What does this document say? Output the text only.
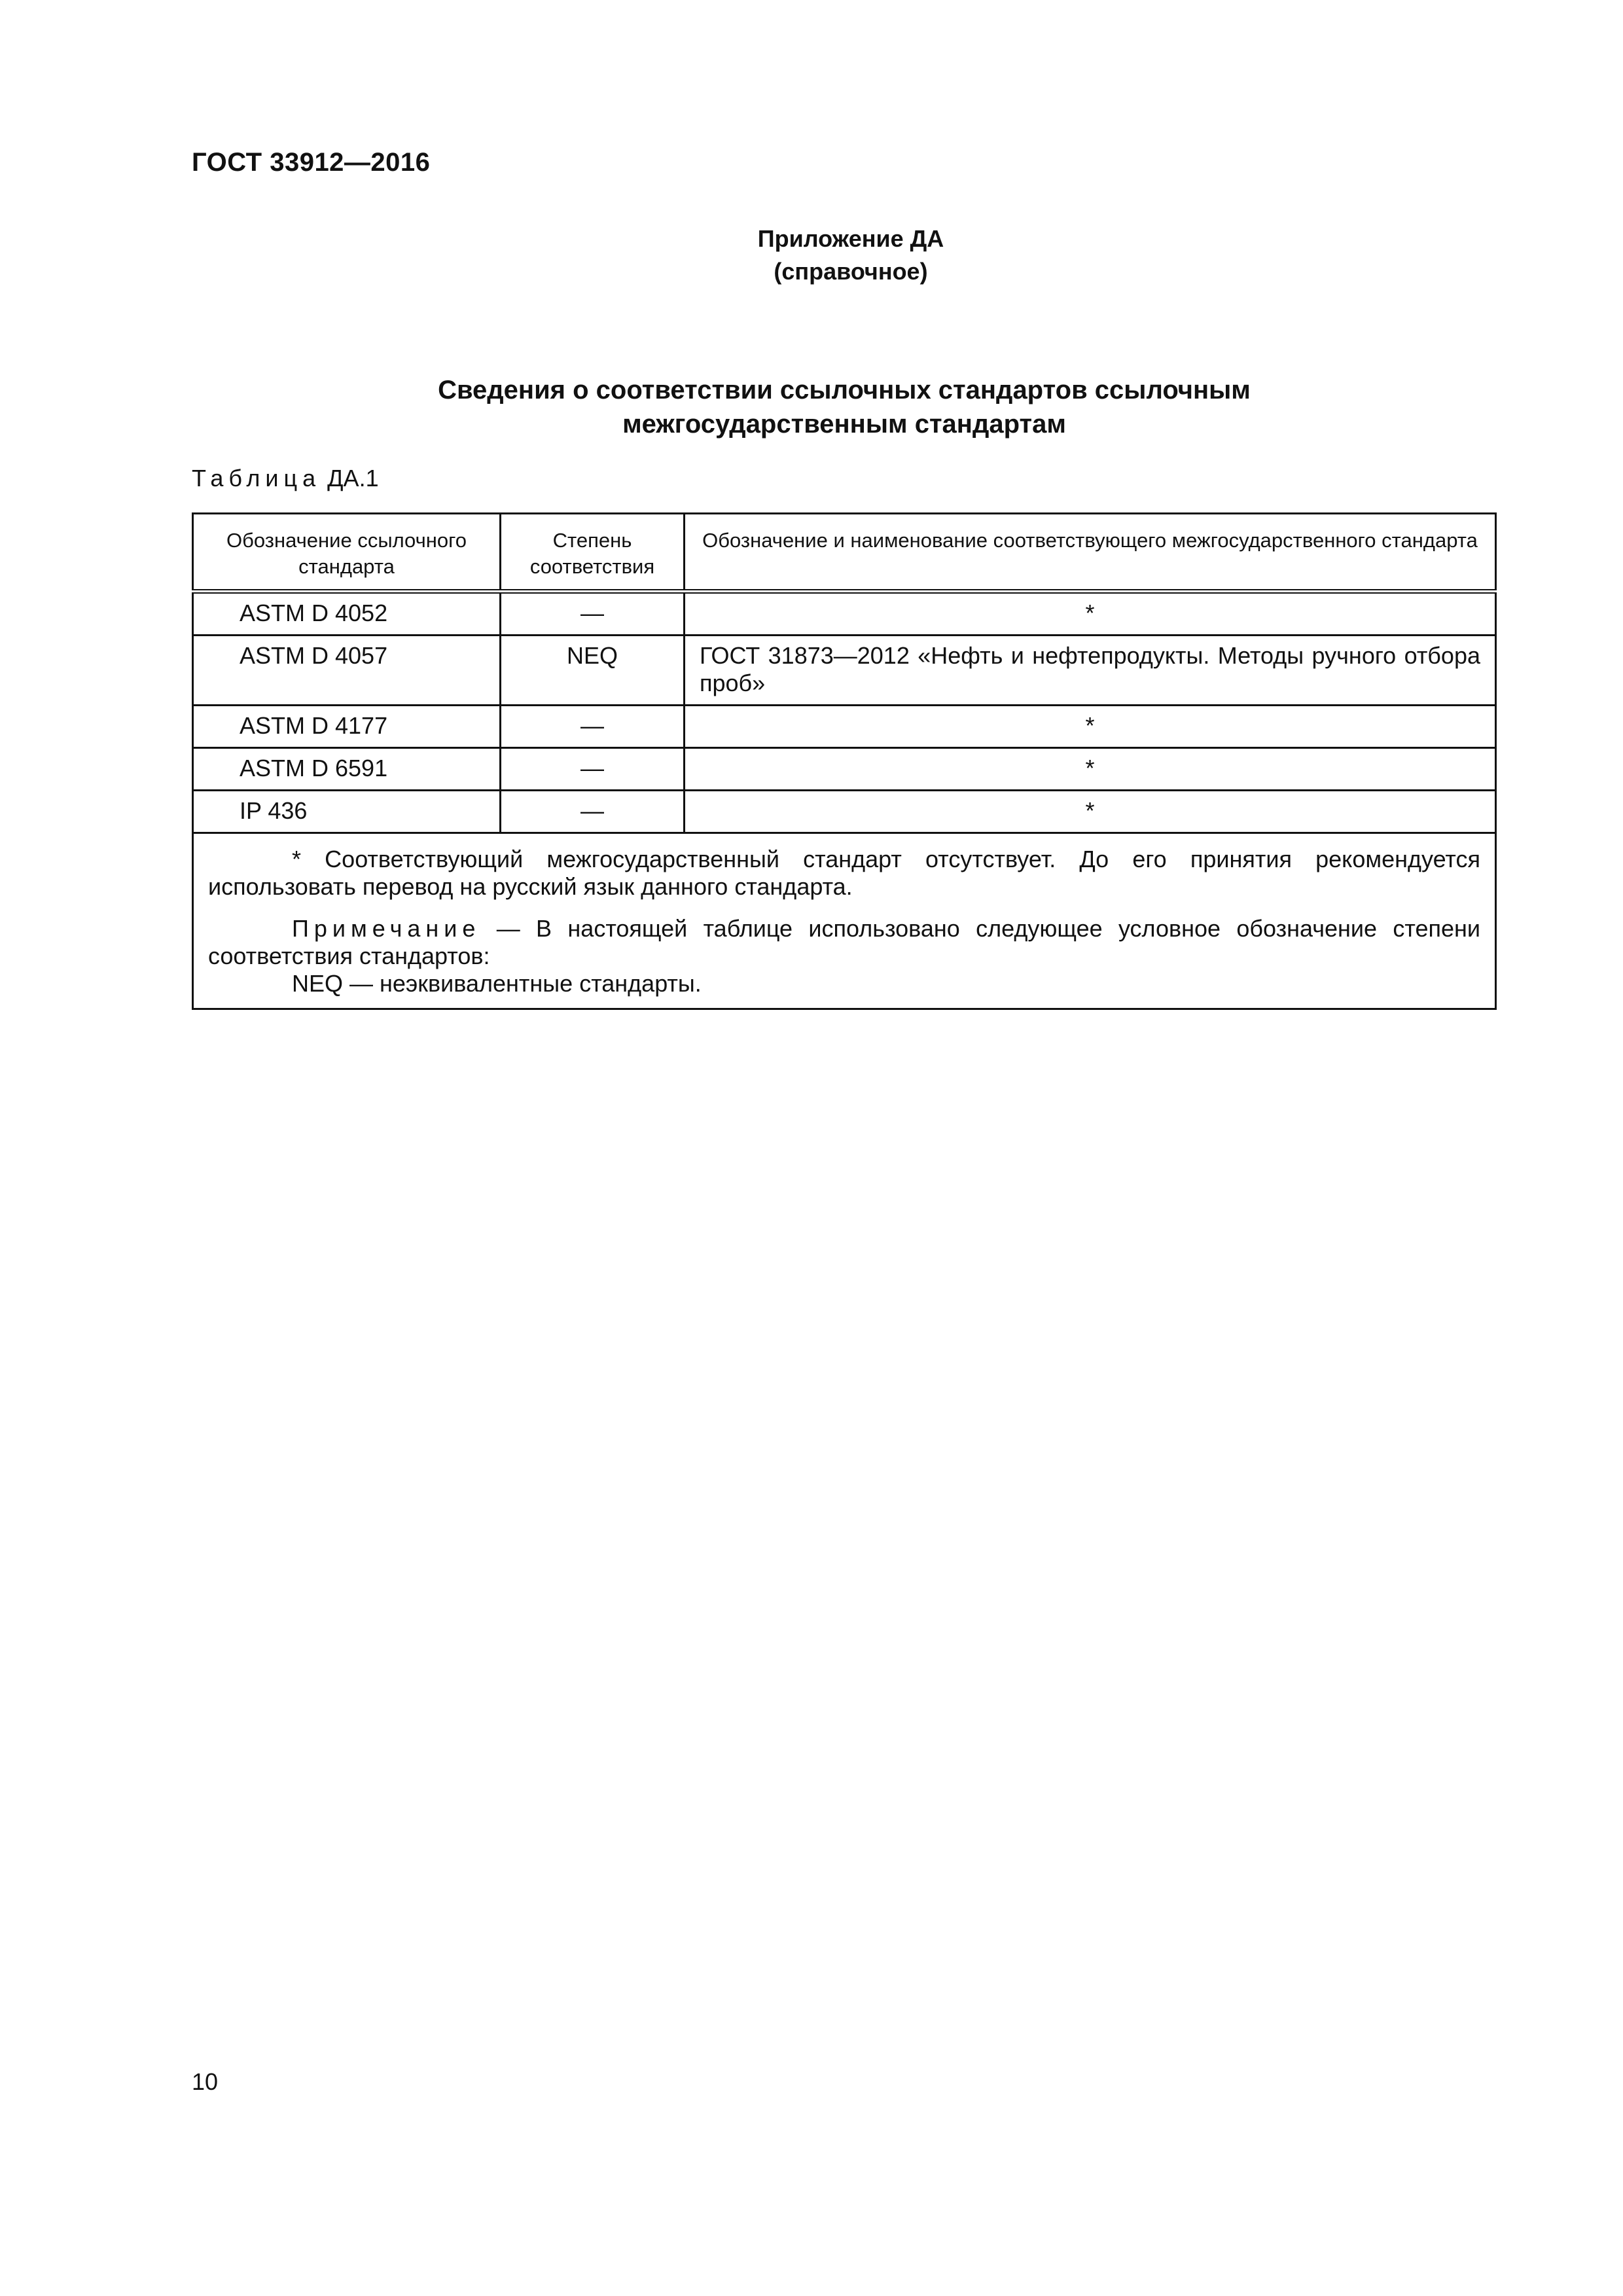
ГОСТ 33912—2016
Приложение ДА
(справочное)
Сведения о соответствии ссылочных стандартов ссылочным
межгосударственным стандартам
Таблица ДА.1
Обозначение ссылочного стандарта	Степень соответствия	Обозначение и наименование соответствующего межгосударственного стандарта
ASTM D 4052	—	*
ASTM D 4057	NEQ	ГОСТ 31873—2012 «Нефть и нефтепродукты. Методы ручного отбора проб»
ASTM D 4177	—	*
ASTM D 6591	—	*
IP 436	—	*

* Соответствующий межгосударственный стандарт отсутствует. До его принятия рекомендуется использовать перевод на русский язык данного стандарта.

Примечание — В настоящей таблице использовано следующее условное обозначение степени соответствия стандартов:

NEQ — неэквивалентные стандарты.		

10
